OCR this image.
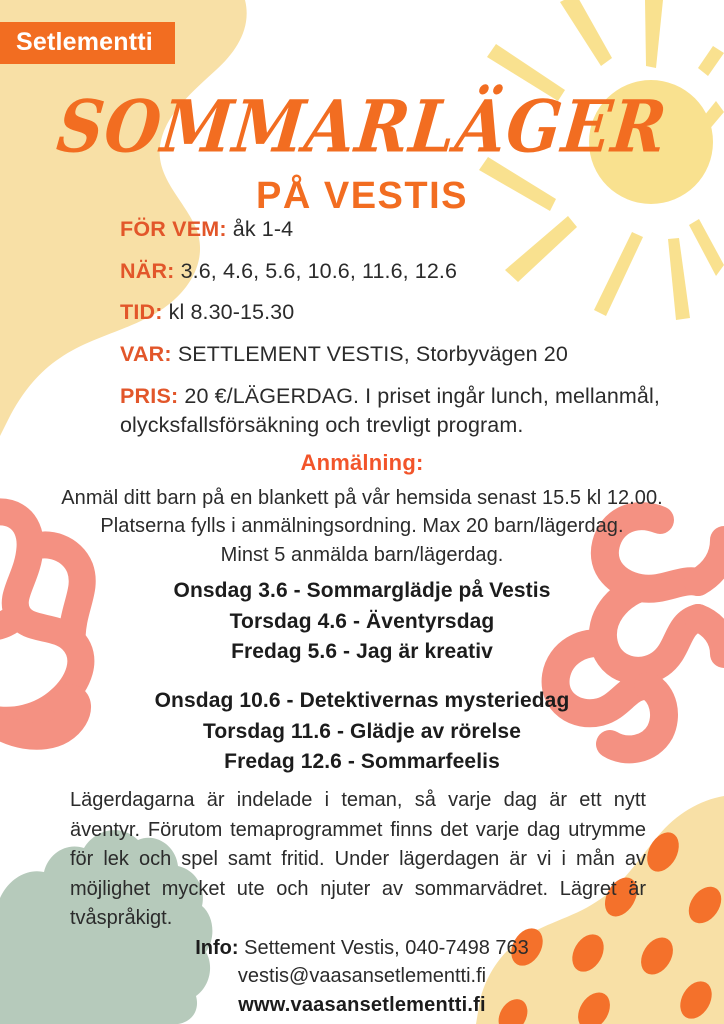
Setlementti
SOMMARLÄGER
PÅ VESTIS
FÖR VEM: åk 1-4
NÄR: 3.6, 4.6, 5.6, 10.6, 11.6, 12.6
TID: kl 8.30-15.30
VAR: SETTLEMENT VESTIS, Storbyvägen 20
PRIS: 20 €/LÄGERDAG. I priset ingår lunch, mellanmål, olycksfallsförsäkning och trevligt program.
Anmälning:
Anmäl ditt barn på en blankett på vår hemsida senast 15.5 kl 12.00.
Platserna fylls i anmälningsordning. Max 20 barn/lägerdag.
Minst 5 anmälda barn/lägerdag.
Onsdag 3.6 - Sommarglädje på Vestis
Torsdag 4.6 - Äventyrsdag
Fredag 5.6 - Jag är kreativ
Onsdag 10.6 - Detektivernas mysteriedag
Torsdag 11.6 - Glädje av rörelse
Fredag 12.6 - Sommarfeelis
Lägerdagarna är indelade i teman, så varje dag är ett nytt äventyr. Förutom temaprogrammet finns det varje dag utrymme för lek och spel samt fritid. Under lägerdagen är vi i mån av möjlighet mycket ute och njuter av sommarvädret. Lägret är tvåspråkigt.
Info: Settement Vestis, 040-7498 763
vestis@vaasansetlementti.fi
www.vaasansetlementti.fi
